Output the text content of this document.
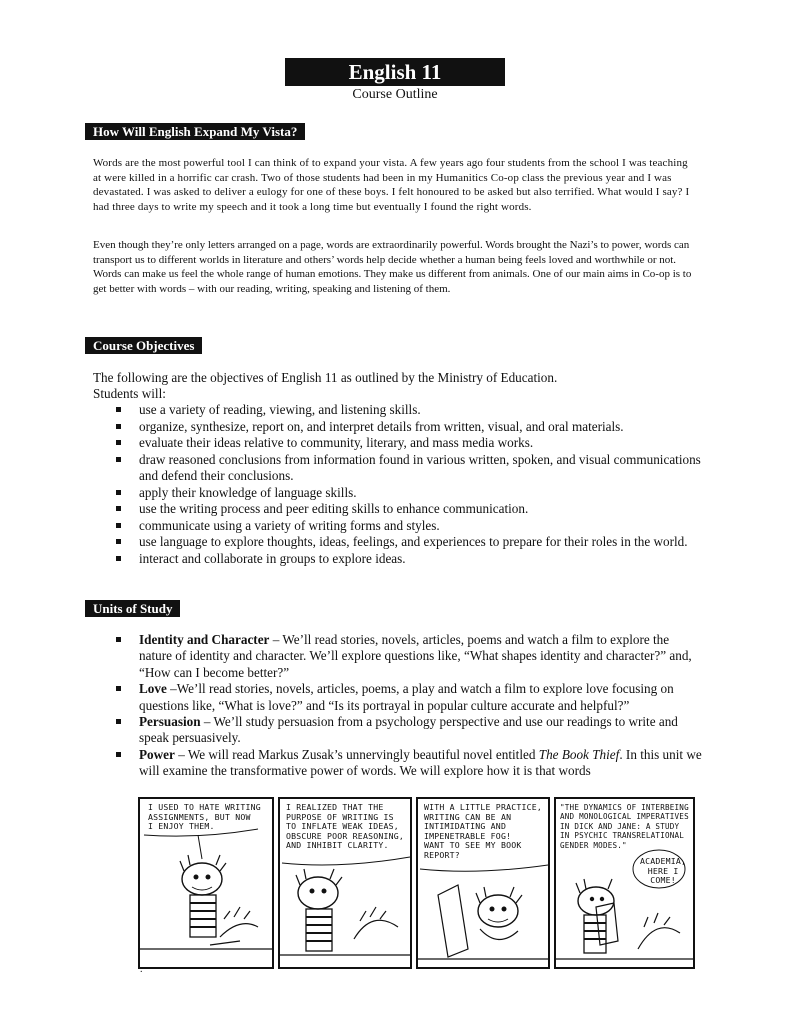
English 11
Course Outline
How Will English Expand My Vista?
Words are the most powerful tool I can think of to expand your vista. A few years ago four students from the school I was teaching at were killed in a horrific car crash. Two of those students had been in my Humanitics Co-op class the previous year and I was devastated. I was asked to deliver a eulogy for one of these boys. I felt honoured to be asked but also terrified. What would I say? I had three days to write my speech and it took a long time but eventually I found the right words.
Even though they’re only letters arranged on a page, words are extraordinarily powerful. Words brought the Nazi’s to power, words can transport us to different worlds in literature and others’ words help decide whether a human being feels loved and worthwhile or not. Words can make us feel the whole range of human emotions. They make us different from animals. One of our main aims in Co-op is to get better with words – with our reading, writing, speaking and listening of them.
Course Objectives
The following are the objectives of English 11 as outlined by the Ministry of Education.
Students will:
use a variety of reading, viewing, and listening skills.
organize, synthesize, report on, and interpret details from written, visual, and oral materials.
evaluate their ideas relative to community, literary, and mass media works.
draw reasoned conclusions from information found in various written, spoken, and visual communications and defend their conclusions.
apply their knowledge of language skills.
use the writing process and peer editing skills to enhance communication.
communicate using a variety of writing forms and styles.
use language to explore thoughts, ideas, feelings, and experiences to prepare for their roles in the world.
interact and collaborate in groups to explore ideas.
Units of Study
Identity and Character – We’ll read stories, novels, articles, poems and watch a film to explore the nature of identity and character. We’ll explore questions like, “What shapes identity and character?” and, “How can I become better?”
Love –We’ll read stories, novels, articles, poems, a play and watch a film to explore love focusing on questions like, “What is love?” and “Is its portrayal in popular culture accurate and helpful?”
Persuasion – We’ll study persuasion from a psychology perspective and use our readings to write and speak persuasively.
Power – We will read Markus Zusak’s unnervingly beautiful novel entitled The Book Thief. In this unit we will examine the transformative power of words. We will explore how it is that words
I USED TO HATE WRITING
ASSIGNMENTS, BUT NOW
I ENJOY THEM.
I REALIZED THAT THE
PURPOSE OF WRITING IS
TO INFLATE WEAK IDEAS,
OBSCURE POOR REASONING,
AND INHIBIT CLARITY.
WITH A LITTLE PRACTICE,
WRITING CAN BE AN
INTIMIDATING AND
IMPENETRABLE FOG!
WANT TO SEE MY BOOK
REPORT?
"THE DYNAMICS OF INTERBEING
AND MONOLOGICAL IMPERATIVES
IN DICK AND JANE: A STUDY
IN PSYCHIC TRANSRELATIONAL
GENDER MODES."
ACADEMIA,
HERE I
COME!
.
